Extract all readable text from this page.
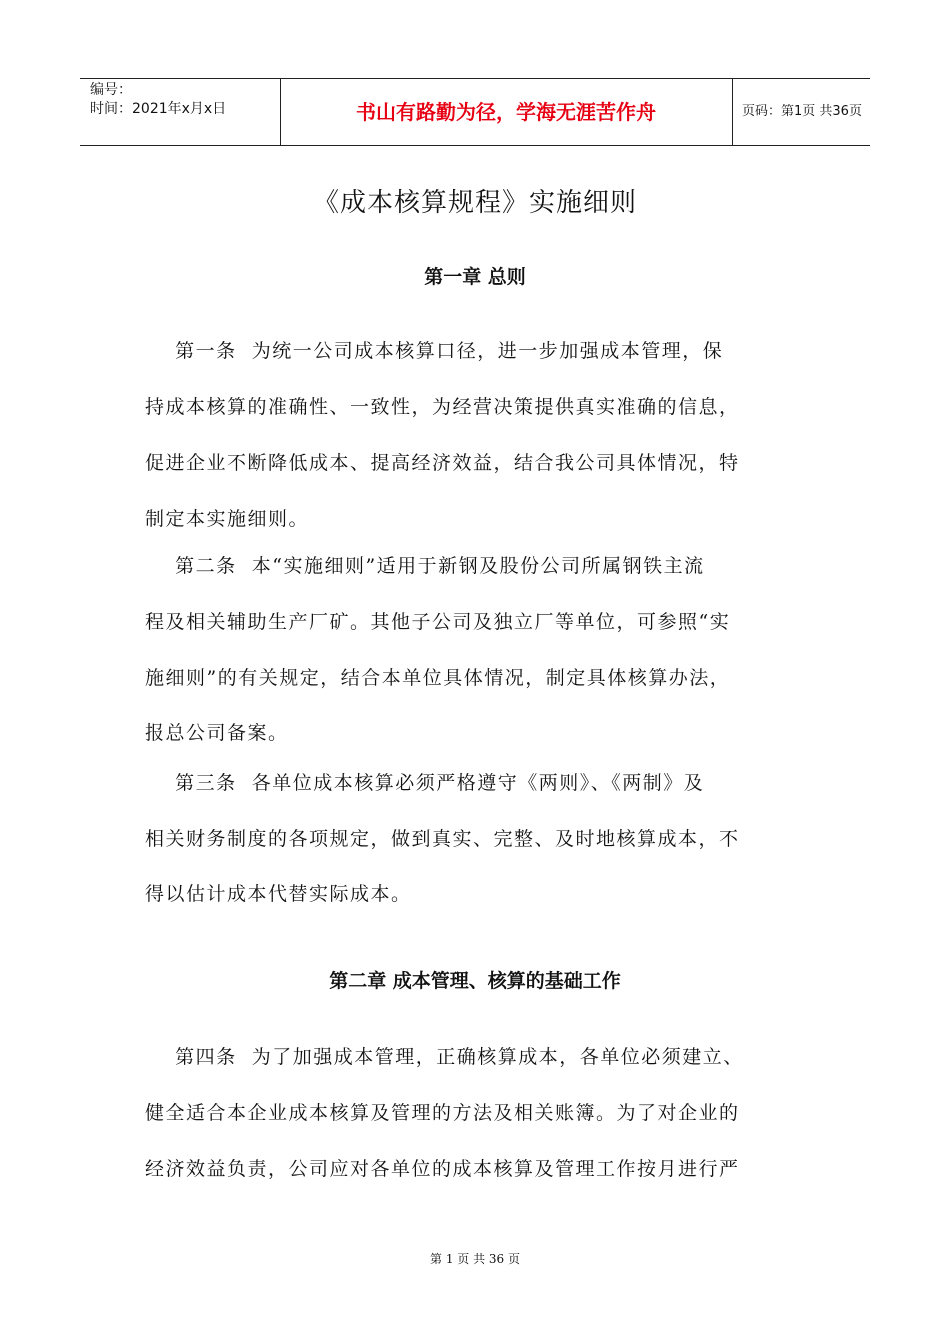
编号：
时间：2021年x月x日	书山有路勤为径，学海无涯苦作舟	页码：第1页 共36页
《成本核算规程》实施细则
第一章 总则
第一条  为统一公司成本核算口径，进一步加强成本管理，保
持成本核算的准确性、一致性，为经营决策提供真实准确的信息，
促进企业不断降低成本、提高经济效益，结合我公司具体情况，特
制定本实施细则。
第二条  本“实施细则”适用于新钢及股份公司所属钢铁主流
程及相关辅助生产厂矿。其他子公司及独立厂等单位，可参照“实
施细则”的有关规定，结合本单位具体情况，制定具体核算办法，
报总公司备案。
第三条  各单位成本核算必须严格遵守《两则》、《两制》及
相关财务制度的各项规定，做到真实、完整、及时地核算成本，不
得以估计成本代替实际成本。
第二章 成本管理、核算的基础工作
第四条  为了加强成本管理，正确核算成本，各单位必须建立、
健全适合本企业成本核算及管理的方法及相关账簿。为了对企业的
经济效益负责，公司应对各单位的成本核算及管理工作按月进行严
第 1 页 共 36 页
